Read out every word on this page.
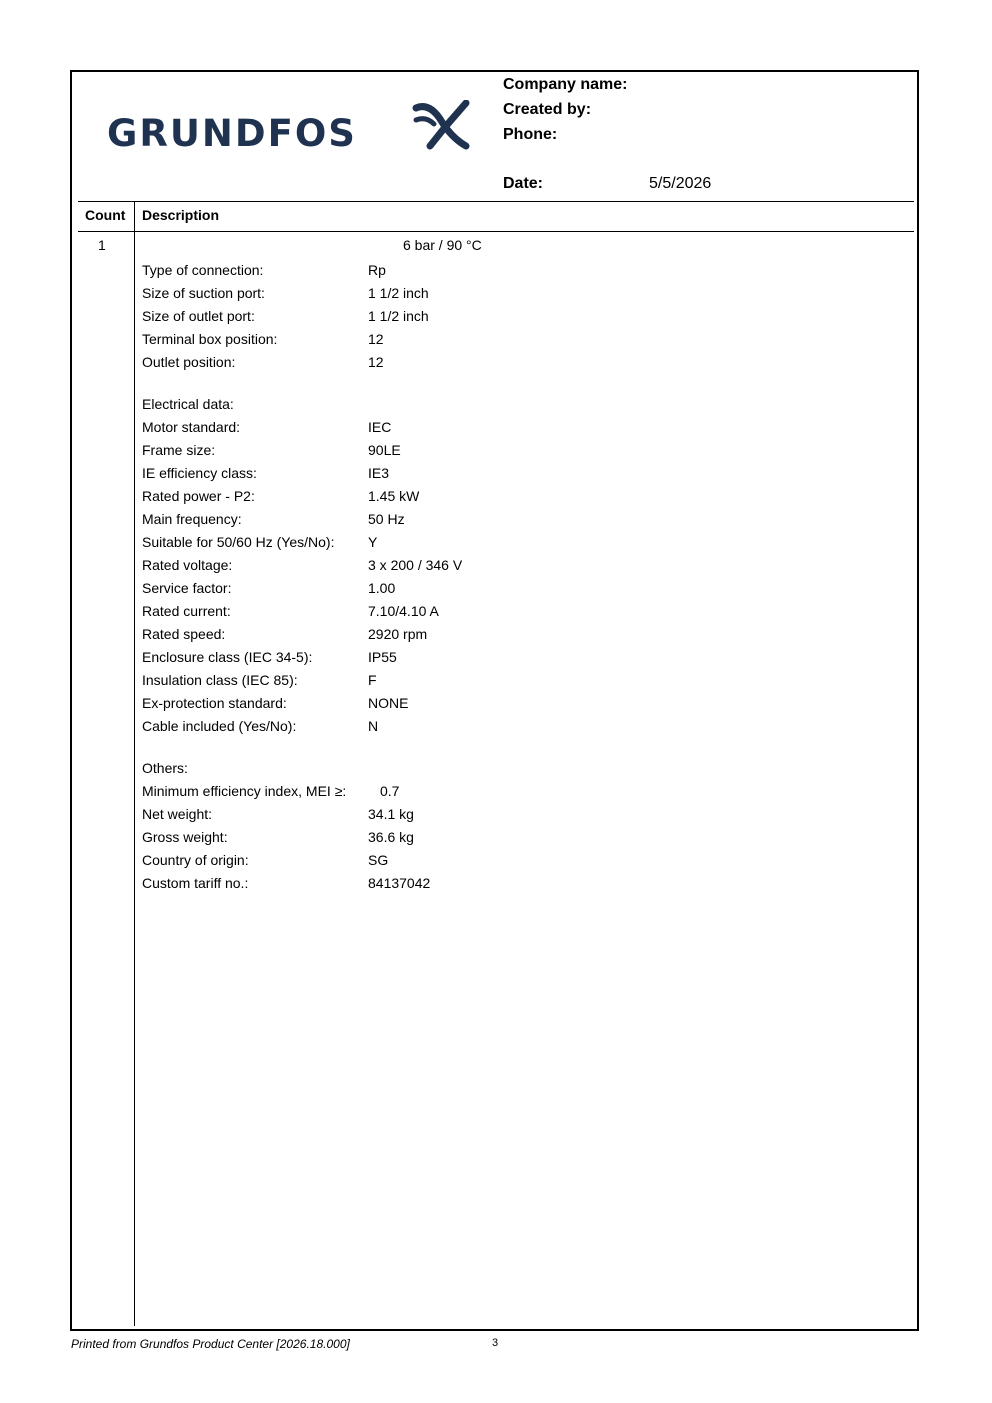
GRUNDFOS
Company name:
Created by:
Phone:
Date:	5/5/2026
Count Description
1	6 bar / 90 °C
Type of connection:	Rp
Size of suction port:	1 1/2 inch
Size of outlet port:	1 1/2 inch
Terminal box position:	12
Outlet position:	12
Electrical data:
Motor standard:	IEC
Frame size:	90LE
IE efficiency class:	IE3
Rated power - P2:	1.45 kW
Main frequency:	50 Hz
Suitable for 50/60 Hz (Yes/No): Y
Rated voltage:	3 x 200 / 346 V
Service factor:	1.00
Rated current:	7.10/4.10 A
Rated speed:	2920 rpm
Enclosure class (IEC 34-5):	IP55
Insulation class (IEC 85):	F
Ex-protection standard:	NONE
Cable included (Yes/No):	N
Others:
Minimum efficiency index, MEI ≥: 0.7
Net weight:	34.1 kg
Gross weight:	36.6 kg
Country of origin:	SG
Custom tariff no.:	84137042
Printed from Grundfos Product Center [2026.18.000]	3
